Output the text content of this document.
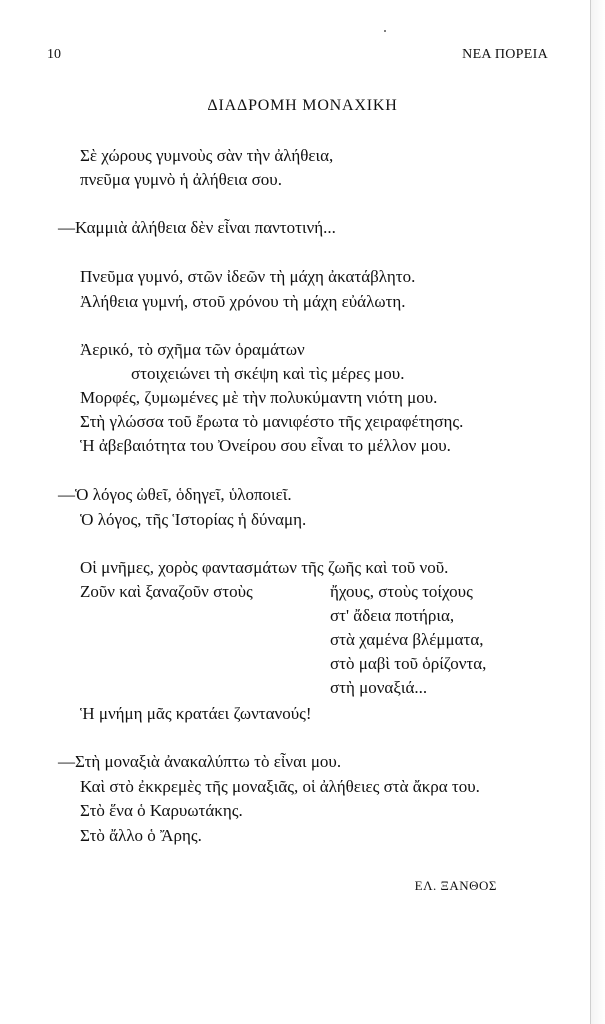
10	ΝΕΑ ΠΟΡΕΙΑ
ΔΙΑΔΡΟΜΗ ΜΟΝΑΧΙΚΗ
Σὲ χώρους γυμνοὺς σὰν τὴν ἀλήθεια,
πνεῦμα γυμνὸ ἡ ἀλήθεια σου.
—Καμμιὰ ἀλήθεια δὲν εἶναι παντοτινή...
Πνεῦμα γυμνό, στῶν ἰδεῶν τὴ μάχη ἀκατάβλητο.
Ἀλήθεια γυμνή, στοῦ χρόνου τὴ μάχη εὐάλωτη.
Ἀερικό, τὸ σχῆμα τῶν ὁραμάτων
στοιχειώνει τὴ σκέψη καὶ τὶς μέρες μου.
Μορφές, ζυμωμένες μὲ τὴν πολυκύμαντη νιότη μου.
Στὴ γλώσσα τοῦ ἔρωτα τὸ μανιφέστο τῆς χειραφέτησης.
Ἡ ἀβεβαιότητα του Ὀνείρου σου εἶναι το μέλλον μου.
—Ὁ λόγος ὠθεῖ, ὁδηγεῖ, ὑλοποιεῖ.
Ὁ λόγος, τῆς Ἱστορίας ἡ δύναμη.
Οἱ μνῆμες, χορὸς φαντασμάτων τῆς ζωῆς καὶ τοῦ νοῦ.
Ζοῦν καὶ ξαναζοῦν στοὺς	ἤχους, στοὺς τοίχους
στ' ἄδεια ποτήρια,
στὰ χαμένα βλέμματα,
στὸ μαβὶ τοῦ ὁρίζοντα,
στὴ μοναξιά...
Ἡ μνήμη μᾶς κρατάει ζωντανούς!
—Στὴ μοναξιὰ ἀνακαλύπτω τὸ εἶναι μου.
Καὶ στὸ ἐκκρεμὲς τῆς μοναξιᾶς, οἱ ἀλήθειες στὰ ἄκρα του.
Στὸ ἕνα ὁ Καρυωτάκης.
Στὸ ἄλλο ὁ Ἄρης.
ΕΛ. ΞΑΝΘΟΣ
